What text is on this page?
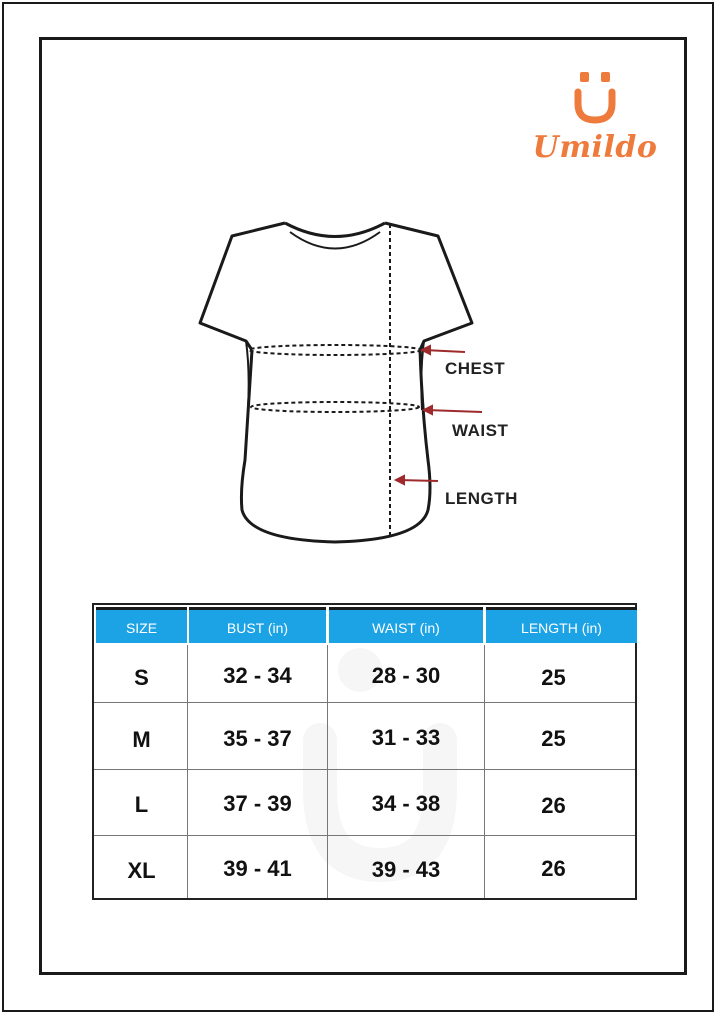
Umildo
CHEST
WAIST
LENGTH
SIZE	BUST (in)	WAIST (in)	LENGTH (in)
S	32 - 34	28 - 30	25
M	35 - 37	31 - 33	25
L	37 - 39	34 - 38	26
XL	39 - 41	39 - 43	26
